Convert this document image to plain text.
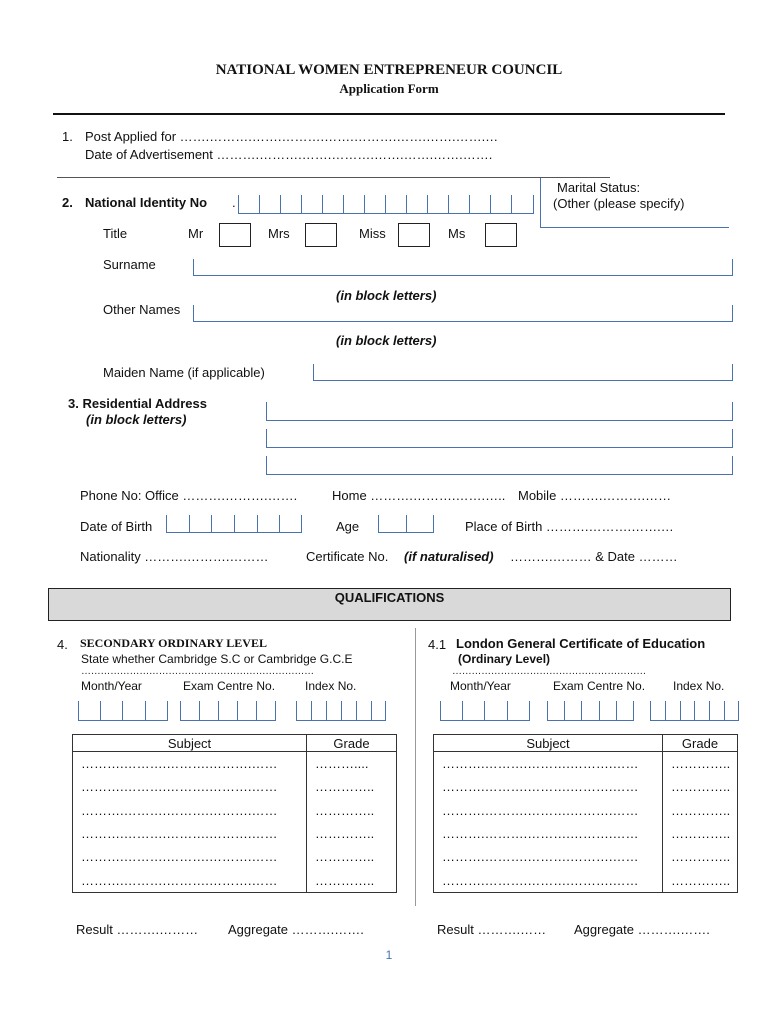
NATIONAL WOMEN ENTREPRENEUR COUNCIL
Application Form
1. Post Applied for …….……….…….……….…….……….…….…….…….…
Date of Advertisement ……….……….…….……….…….…….…….…….
Marital Status:
(Other (please specify)
2. National Identity No .
Title	Mr	Mrs	Miss	Ms
Surname
(in block letters)
Other Names
(in block letters)
Maiden Name (if applicable)
3. Residential Address
(in block letters)
Phone No: Office ……….……….…….	Home ……….……….…….….. Mobile ……….……….……
Date of Birth	Age	Place of Birth ……….……….…….…
Nationality ……….……….………	Certificate No. (if naturalised) ……….……… & Date ………
QUALIFICATIONS
4. SECONDARY ORDINARY LEVEL
State whether Cambridge S.C or Cambridge G.C.E
………………………………………………………………
Month/Year	Exam Centre No. Index No.
Subject	Grade
……….……….……….……….……	………....
……….……….……….……….……	…………..
……….……….……….……….……	…………..
……….……….……….……….……	…………..
……….……….……….……….……	…………..
……….……….……….……….……	…………..
Result ……….……… Aggregate ……….…….
4.1 London General Certificate of Education
(Ordinary Level)
……………………………………………………
Month/Year	Exam Centre No. Index No.
Subject	Grade
……….……….……….……….……	…………..
……….……….……….……….……	…………..
……….……….……….……….……	…………..
……….……….……….……….……	…………..
……….……….……….……….……	…………..
……….……….……….……….……	…………..
Result ……….…… Aggregate ……….…….
1
